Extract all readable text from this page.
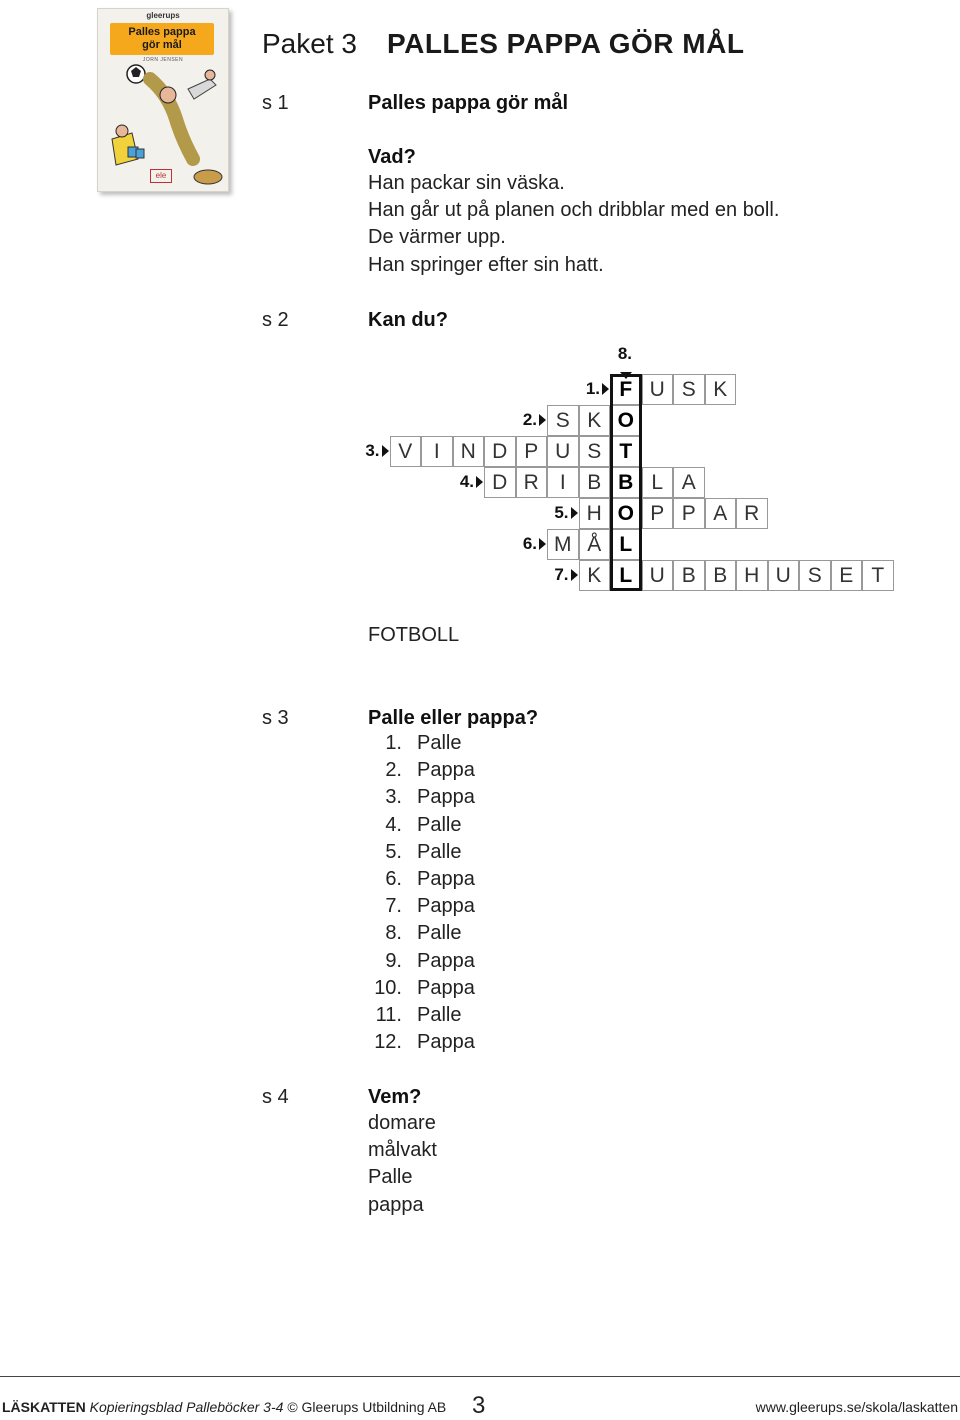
gleerups
Palles pappa
gör mål
JORN JENSEN
ele
Paket 3 PALLES PAPPA GÖR MÅL
s 1	Palles pappa gör mål
Vad?
Han packar sin väska.
Han går ut på planen och dribblar med en boll.
De värmer upp.
Han springer efter sin hatt.
s 2	Kan du?
1. F U S K
2. S K O
3. V	I N D P U S T
4. D R	I	B B L A
5. H O P P A R
6. M Å L
7. K L U B B H U S E T
8.
FOTBOLL
s 3	Palle eller pappa?
1. Palle
2. Pappa
3. Pappa
4. Palle
5. Palle
6. Pappa
7. Pappa
8. Palle
9. Pappa
10. Pappa
11. Palle
12. Pappa
s 4	Vem?
domare
målvakt
Palle
pappa
LÄSKATTEN Kopieringsblad Palleböcker 3-4 © Gleerups Utbildning AB 3	www.gleerups.se/skola/laskatten
